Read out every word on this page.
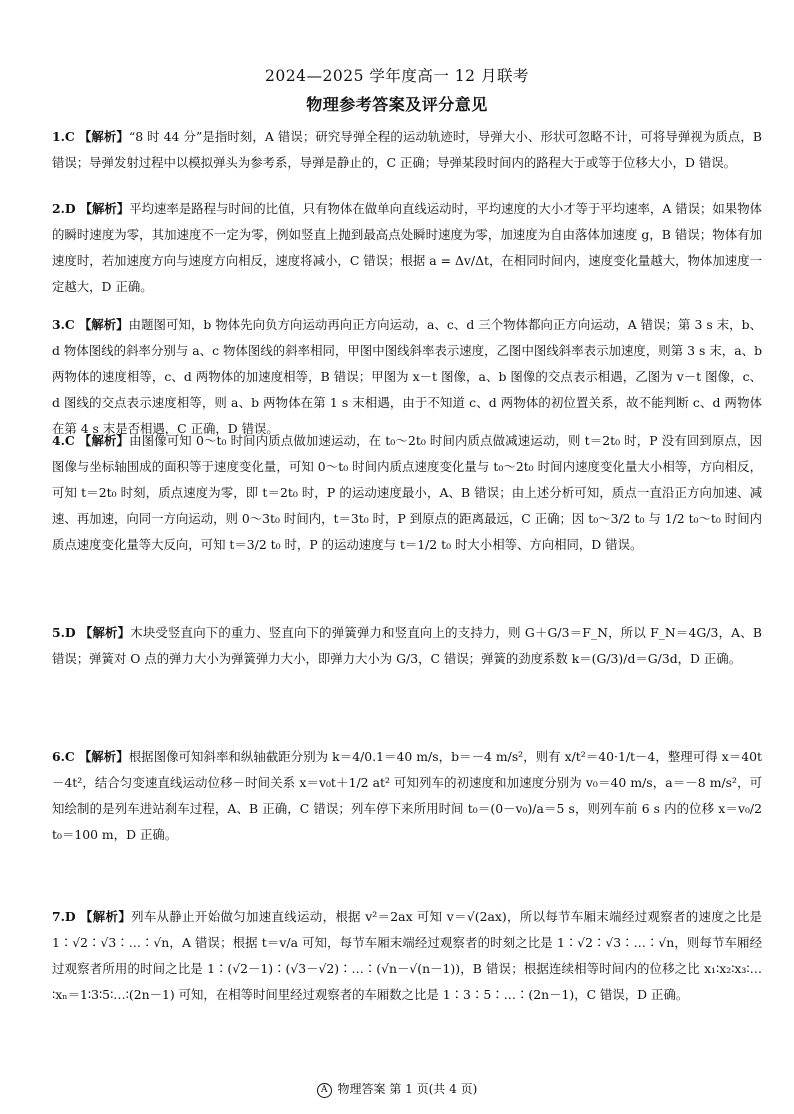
2024—2025 学年度高一 12 月联考
物理参考答案及评分意见
1.C 【解析】“8 时 44 分”是指时刻，A 错误；研究导弹全程的运动轨迹时，导弹大小、形状可忽略不计，可将导弹视为质点，B 错误；导弹发射过程中以模拟弹头为参考系，导弹是静止的，C 正确；导弹某段时间内的路程大于或等于位移大小，D 错误。
2.D 【解析】平均速率是路程与时间的比值，只有物体在做单向直线运动时，平均速度的大小才等于平均速率，A 错误；如果物体的瞬时速度为零，其加速度不一定为零，例如竖直上抛到最高点处瞬时速度为零，加速度为自由落体加速度 g，B 错误；物体有加速度时，若加速度方向与速度方向相反，速度将减小，C 错误；根据 a = Δv/Δt，在相同时间内，速度变化量越大，物体加速度一定越大，D 正确。
3.C 【解析】由题图可知，b 物体先向负方向运动再向正方向运动，a、c、d 三个物体都向正方向运动，A 错误；第 3 s 末，b、d 物体图线的斜率分别与 a、c 物体图线的斜率相同，甲图中图线斜率表示速度，乙图中图线斜率表示加速度，则第 3 s 末，a、b 两物体的速度相等，c、d 两物体的加速度相等，B 错误；甲图为 x－t 图像，a、b 图像的交点表示相遇，乙图为 v－t 图像，c、d 图线的交点表示速度相等，则 a、b 两物体在第 1 s 末相遇，由于不知道 c、d 两物体的初位置关系，故不能判断 c、d 两物体在第 4 s 末是否相遇，C 正确，D 错误。
4.C 【解析】由图像可知 0～t₀ 时间内质点做加速运动，在 t₀～2t₀ 时间内质点做减速运动，则 t＝2t₀ 时，P 没有回到原点，因图像与坐标轴围成的面积等于速度变化量，可知 0～t₀ 时间内质点速度变化量与 t₀～2t₀ 时间内速度变化量大小相等，方向相反，可知 t＝2t₀ 时刻，质点速度为零，即 t＝2t₀ 时，P 的运动速度最小，A、B 错误；由上述分析可知，质点一直沿正方向加速、减速、再加速，向同一方向运动，则 0～3t₀ 时间内，t＝3t₀ 时，P 到原点的距离最远，C 正确；因 t₀～3/2 t₀ 与 1/2 t₀～t₀ 时间内质点速度变化量等大反向，可知 t＝3/2 t₀ 时，P 的运动速度与 t＝1/2 t₀ 时大小相等、方向相同，D 错误。
5.D 【解析】木块受竖直向下的重力、竖直向下的弹簧弹力和竖直向上的支持力，则 G＋G/3＝F_N，所以 F_N＝4G/3，A、B 错误；弹簧对 O 点的弹力大小为弹簧弹力大小，即弹力大小为 G/3，C 错误；弹簧的劲度系数 k＝(G/3)/d＝G/3d，D 正确。
6.C 【解析】根据图像可知斜率和纵轴截距分别为 k＝4/0.1＝40 m/s，b＝－4 m/s²，则有 x/t²＝40·1/t－4，整理可得 x＝40t－4t²，结合匀变速直线运动位移－时间关系 x＝v₀t＋1/2 at² 可知列车的初速度和加速度分别为 v₀＝40 m/s，a＝－8 m/s²，可知绘制的是列车进站刹车过程，A、B 正确，C 错误；列车停下来所用时间 t₀＝(0－v₀)/a＝5 s，则列车前 6 s 内的位移 x＝v₀/2 t₀＝100 m，D 正确。
7.D 【解析】列车从静止开始做匀加速直线运动，根据 v²＝2ax 可知 v＝√(2ax)，所以每节车厢末端经过观察者的速度之比是 1∶√2∶√3∶…∶√n，A 错误；根据 t＝v/a 可知，每节车厢末端经过观察者的时刻之比是 1∶√2∶√3∶…∶√n，则每节车厢经过观察者所用的时间之比是 1∶(√2－1)∶(√3－√2)∶…∶(√n－√(n－1))，B 错误；根据连续相等时间内的位移之比 x₁∶x₂∶x₃∶…∶xₙ＝1∶3∶5∶…∶(2n－1) 可知，在相等时间里经过观察者的车厢数之比是 1∶3∶5∶…∶(2n－1)，C 错误，D 正确。
A 物理答案 第 1 页(共 4 页)
